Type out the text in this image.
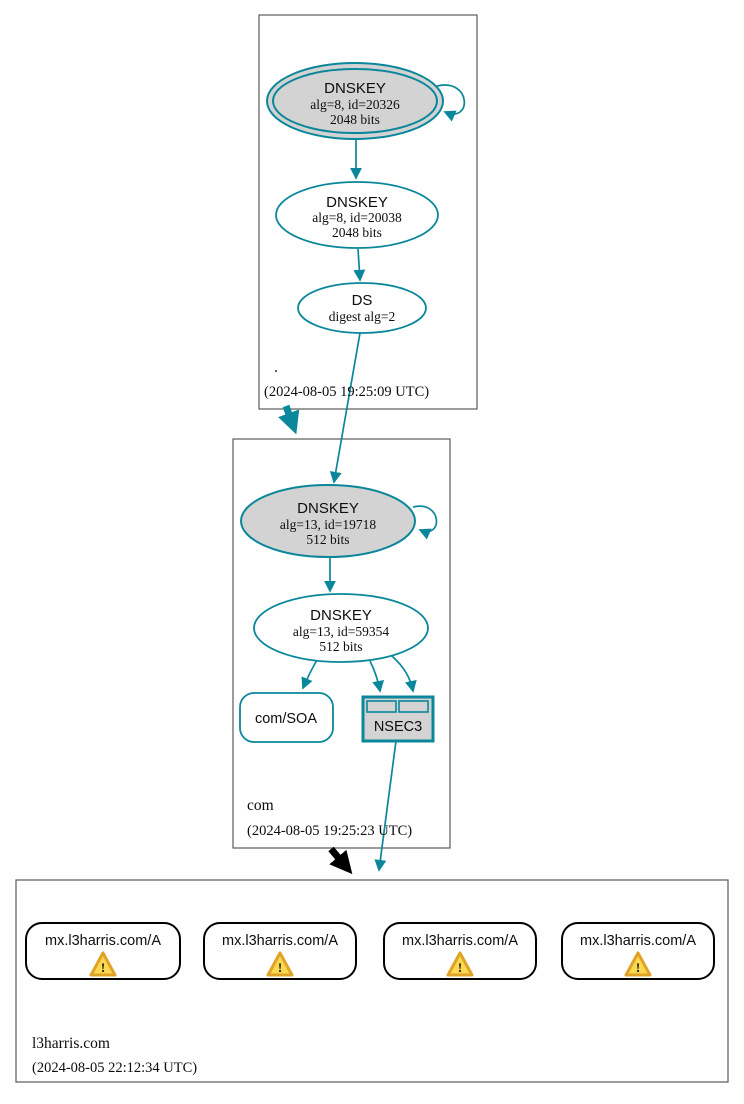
DNSKEY
alg=8, id=20326
2048 bits
DNSKEY
alg=8, id=20038
2048 bits
DS
digest alg=2
.
(2024-08-05 19:25:09 UTC)
DNSKEY
alg=13, id=19718
512 bits
DNSKEY
alg=13, id=59354
512 bits
com/SOA	NSEC3
com
(2024-08-05 19:25:23 UTC)
mx.l3harris.com/A
!
mx.l3harris.com/A
!
mx.l3harris.com/A
!
mx.l3harris.com/A
!
l3harris.com
(2024-08-05 22:12:34 UTC)
